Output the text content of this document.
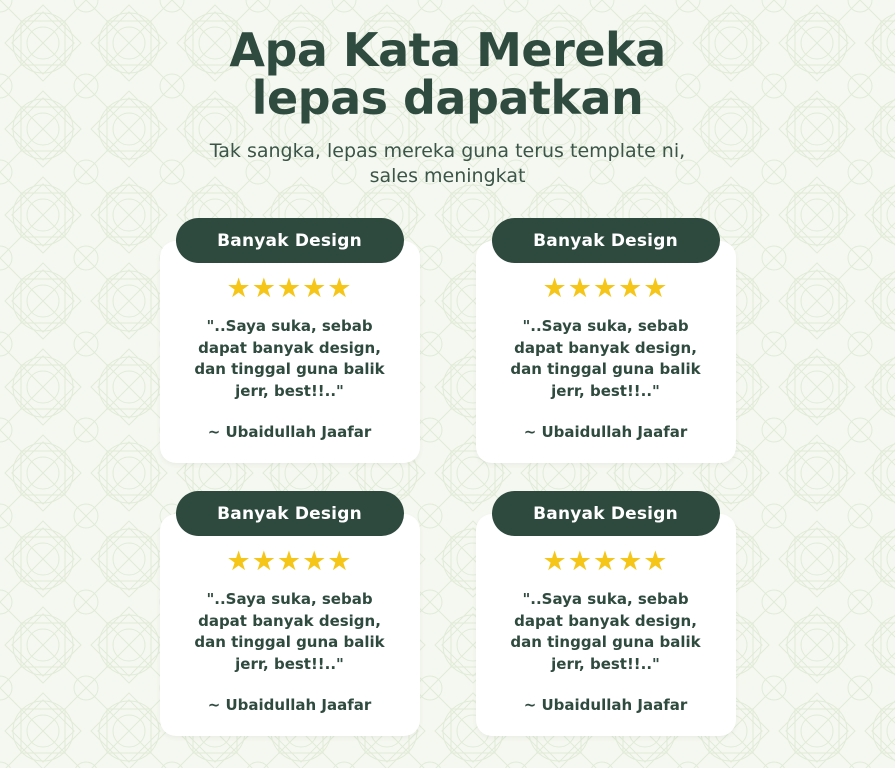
Apa Kata Mereka
lepas dapatkan

Tak sangka, lepas mereka guna terus template ni, sales meningkat

Banyak Design
★★★★★
"..Saya suka, sebab dapat banyak design, dan tinggal guna balik jerr, best!!.."
~ Ubaidullah Jaafar
Banyak Design
★★★★★
"..Saya suka, sebab dapat banyak design, dan tinggal guna balik jerr, best!!.."
~ Ubaidullah Jaafar
Banyak Design
★★★★★
"..Saya suka, sebab dapat banyak design, dan tinggal guna balik jerr, best!!.."
~ Ubaidullah Jaafar
Banyak Design
★★★★★
"..Saya suka, sebab dapat banyak design, dan tinggal guna balik jerr, best!!.."
~ Ubaidullah Jaafar
